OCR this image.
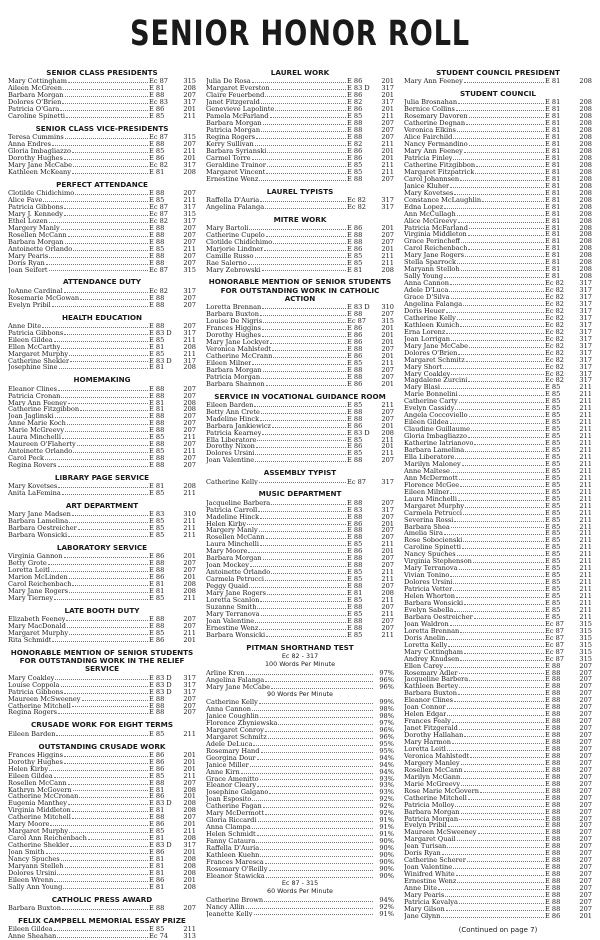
SENIOR HONOR ROLL
SENIOR CLASS PRESIDENTS
Mary Cottingham	Ec 87	315
Aileen McGreen	E 81	208
Barbara Morgan	E 88	207
Dolores O'Brien	Ec 83	317
Patricia O'Gara	E 86	201
Caroline Spinetti	E 85	211
SENIOR CLASS VICE-PRESIDENTS
Teresa Cummins	Ec 87	315
Anna Endres	E 88	207
Gloria Imbagliazzo	E 85	211
Dorothy Hughes	E 86	201
Mary Jane McCabe	Ec 82	317
Kathleen McKeany	E 81	208
PERFECT ATTENDANCE
Clotilde Chidichimo	E 88	207
Alice Fave	E 85	211
Patricia Gibbons	Ec 87	317
Mary J. Kennedy	Ec 87	315
Ethel Lozen	Ec 82	317
Margery Manly	E 88	207
Rosellen McCann	E 88	207
Barbara Morgan	E 88	207
Antoinette Orlando	E 85	211
Mary Pearis	E 88	207
Doris Ryan	E 88	207
Joan Seifert	Ec 87	315
ATTENDANCE DUTY
JoAnne Cardinal	Ec 82	317
Rosemarie McGowan	E 88	207
Evelyn Pribil	E 88	207
HEALTH EDUCATION
Anne Dite	E 88	207
Patricia Gibbons	E 83 D	317
Eileen Gildea	E 85	211
Ellen McCarthy	E 81	208
Margaret Murphy	E 85	211
Catherine Shekler	E 83 D	317
Josephine Sine	E 81	208
HOMEMAKING
Eleanor Clines	E 88	207
Patricia Cronan	E 88	207
Mary Ann Feeney	E 81	208
Catherine Fitzgibbon	E 81	208
Joan Jaglinski	E 88	207
Anne Marie Koch	E 88	207
Marie McGreevy	E 88	207
Laura Minchelli	E 85	211
Maureen O'Flaherty	E 88	207
Antoinette Orlando	E 85	211
Carol Peck	E 88	207
Regina Rovers	E 88	207
LIBRARY PAGE SERVICE
Mary Kovetses	E 81	208
Anita LaFemina	E 85	211
ART DEPARTMENT
Mary Jane Madsen	E 83	310
Barbara Lamelina	E 85	211
Barbara Oestreicher	E 85	211
Barbara Wonsicki	E 85	211
LABORATORY SERVICE
Virginia Gannon	E 86	201
Betty Grote	E 88	207
Loretta Leitl	E 88	207
Marion McLinden	E 86	201
Carol Reichenbach	E 81	208
Mary Jane Rogers	E 81	208
Mary Tierney	E 85	211
LATE BOOTH DUTY
Elizabeth Feeney	E 88	207
Mary MacDonald	E 88	207
Margaret Murphy	E 85	211
Rita Schmidt	E 86	201
HONORABLE MENTION OF SENIOR STUDENTS FOR OUTSTANDING WORK IN THE RELIEF SERVICE
Mary Coakley	E 83 D	317
Louise Coppola	E 83 D	317
Patricia Gibbons	E 83 D	317
Maureen McSweeney	E 88	207
Catherine Mitchell	E 88	207
Regina Rogers	E 88	207
CRUSADE WORK FOR EIGHT TERMS
Eileen Barden	E 85	211
OUTSTANDING CRUSADE WORK
Frances Higgins	E 86	201
Dorothy Hughes	E 86	201
Helen Kirby	E 86	201
Eileen Gildea	E 85	211
Rosellen McCann	E 88	207
Kathryn McGovern	E 81	208
Catherine McCronan	E 86	201
Eugenia Manthey	E 83 D	208
Virginia Middleton	E 81	208
Catherine Mitchell	E 88	207
Mary Moore	E 86	201
Margaret Murphy	E 85	211
Carol Ann Reichenbach	E 81	208
Catherine Shekler	E 83 D	317
Joan Smith	E 86	201
Nancy Spuches	E 81	208
Maryann Stelleh	E 81	208
Dolores Ursini	E 81	208
Eileen Wrenn	E 86	201
Sally Ann Young	E 81	208
CATHOLIC PRESS AWARD
Barbara Buxton	E 88	207
FELIX CAMPBELL MEMORIAL ESSAY PRIZE
Eileen Gildea	E 85	211
Anne Sheahan	Ec 74	313
LAUREL WORK
Julia De Rosa	E 86	201
Margaret Everston	E 83 D	317
Claire Feuerbend	E 86	201
Janet Fitzgerald	E 82	317
Genevieve Lapolinte	E 86	201
Pamela McFarland	E 85	211
Barbara Morgan	E 88	207
Patricia Morgan	E 88	207
Regina Rogers	E 88	207
Kerry Sullivan	E 82	211
Barbara Syrianski	E 86	201
Carmel Torre	E 86	201
Geraldine Trainor	E 85	211
Margaret Vincent	E 85	211
Ernestine Wenz	E 88	207
LAUREL TYPISTS
Raffella D'Auria	Ec 82	317
Angelina Falanga	Ec 82	317
MITRE WORK
Mary Bartoli	E 86	201
Catherine Cupelo	E 88	207
Clotilde Chidichimo	E 88	207
Marjorie Lindner	E 86	201
Camille Russo	E 85	211
Rae Salerno	E 85	211
Mary Zebrowski	E 81	208
HONORABLE MENTION OF SENIOR STUDENTS FOR OUTSTANDING WORK IN CATHOLIC ACTION
Loretta Brennan	E 83 D	310
Barbara Buxton	E 88	207
Louise De Nigris	Ec 87	315
Frances Higgins	E 86	201
Dorothy Hughes	E 86	201
Mary Jane Lockyer	E 86	201
Veronica Mahlstedt	E 88	207
Catherine McCrann	E 86	201
Eileen Milner	E 85	211
Barbara Morgan	E 88	207
Patricia Morgan	E 88	207
Barbara Shannon	E 86	201
SERVICE IN VOCATIONAL GUIDANCE ROOM
Eileen Barden	E 85	211
Betty Ann Crete	E 88	207
Madeline Hinck	E 88	207
Barbara Jankiewicz	E 86	201
Patricia Kearney	E 83 D	208
Ella Liberatore	E 85	211
Dorothy Nixon	E 86	201
Dolores Ursini	E 85	211
Joan Valentine	E 88	207
ASSEMBLY TYPIST
Catherine Kelly	Ec 87	317
MUSIC DEPARTMENT
Jacqueline Barbera	E 88	207
Patricia Carroll	E 83	317
Madeline Hinck	E 88	207
Helen Kirby	E 86	201
Margery Manly	E 88	207
Rosellen McCann	E 88	207
Laura Minchelli	E 85	211
Mary Moore	E 86	201
Barbara Morgan	E 88	207
Joan Mockey	E 88	207
Antoinette Orlando	E 85	211
Carmela Petrucci	E 85	211
Peggy Quaid	E 88	207
Mary Jane Rogers	E 81	208
Loretta Scanlon	E 85	211
Suzanne Smith	E 88	207
Mary Terranova	E 85	211
Joan Valentine	E 88	207
Ernestine Wenz	E 88	207
Barbara Wonsicki	E 85	211
PITMAN SHORTHAND TEST
Ec 82 - 317
100 Words Per Minute
Arline Kren	97%
Angelina Falanga	96%
Mary Jane McCabe	96%
90 Words Per Minute
Catherine Kelly	99%
Anna Cannon	98%
Janice Coughlin	98%
Florence Zbyniewska	97%
Margaret Conroy	96%
Margaret Schmitz	96%
Adele DeLuca	95%
Rosemary Hand	95%
Georgina Dour	94%
Janice Miller	94%
Anne Kirn	94%
Grace Amenitto	93%
Eleanor Cleary	93%
Josephine Galgano	93%
Joan Esposito	92%
Catherine Fagan	92%
Mary McDermott	92%
Gloria Riccardi	91%
Anna Clampa	91%
Helen Schmidt	91%
Fanny Cataura	90%
Raffella D'Auria	90%
Kathleen Kuehn	90%
Frances Maresca	90%
Rosemary O'Reilly	90%
Eleanor Stawicka	90%
Ec 87 - 315
60 Words Per Minute
Catherine Brown	94%
Nancy Allin	92%
Jeanette Kelly	91%
STUDENT COUNCIL PRESIDENT
Mary Ann Feeney	E 81	208
STUDENT COUNCIL
Julia Brosnahan	E 81	208
Bernice Collins	E 81	208
Rosemary Davoren	E 81	208
Catherine Degnan	E 81	208
Veronica Elkins	E 81	208
Alice Fairchild	E 81	208
Nancy Fermandino	E 81	208
Mary Ann Feeney	E 81	208
Patricia Finley	E 81	208
Catherine Fitzgibbon	E 81	208
Margaret Fitzpatrick	E 81	208
Carol Johannsen	E 81	208
Janice Kluher	E 81	208
Mary Kovetses	E 81	208
Constance McLaughlin	E 81	208
Edna Lopez	E 81	208
Ann McCullagh	E 81	208
Alice McGreevy	E 81	208
Patricia McFarland	E 81	208
Virginia Middleton	E 81	208
Grace Perincheff	E 81	208
Carol Reichenbach	E 81	208
Mary Jane Rogers	E 81	208
Stella Sparrock	E 81	208
Maryann Stelloh	E 81	208
Sally Young	E 81	208
Anna Cannon	Ec 82	317
Adele D'Luca	Ec 82	317
Grace D'Silva	Ec 82	317
Angelina Falanga	Ec 82	317
Doris Heuer	Ec 82	317
Catherine Kelly	Ec 82	317
Kathleen Kunich	Ec 82	317
Erna Lorenz	Ec 82	317
Joan Lorrigan	Ec 82	317
Mary Jane McCabe	Ec 82	317
Dolores O'Brien	Ec 82	317
Margaret Schmitz	Ec 82	317
Mary Short	Ec 82	317
Mary Coakley	Ec 82	317
Magdalene Zurcini	Ec 82	317
Mary Blasi	E 85	211
Marie Bonnelini	E 85	211
Catherine Carty	E 85	211
Evelyn Cassidy	E 85	211
Angela Coccoviello	E 85	211
Eileen Gildea	E 85	211
Claudine Guillaume	E 85	211
Gloria Imbagliazzo	E 85	211
Katherine Iatrianovo	E 85	211
Barbara Lamelina	E 85	211
Ella Liberatore	E 85	211
Marilyn Maloney	E 85	211
Anne Maltese	E 85	211
Ann McDermott	E 85	211
Florence McGee	E 85	211
Eileen Milner	E 85	211
Laura Minchelli	E 85	211
Margaret Murphy	E 85	211
Carmela Petrucci	E 85	211
Severina Rossi	E 85	211
Barbara Shea	E 85	211
Amelia Sira	E 85	211
Rose Sobocienski	E 85	211
Caroline Spinetti	E 85	211
Nancy Spuches	E 85	211
Virginia Stephenson	E 85	211
Mary Terranova	E 85	211
Vivian Tonino	E 85	211
Dolores Ursini	E 85	211
Patricia Vetter	E 85	211
Helen Whorton	E 85	211
Barbara Wonsicki	E 85	211
Evelyn Sabella	E 85	211
Barbara Oestreicher	E 85	211
Joan Waldron	Ec 87	315
Loretta Brennan	Ec 87	315
Doris Anelin	Ec 87	315
Loretta Kelly	Ec 87	315
Mary Cottingham	Ec 87	315
Andrey Knudsen	Ec 87	315
Ellen Carey	E 88	207
Rosemary Adler	E 88	207
Jacqueline Barbera	E 88	207
Kathleen Bertey	E 88	207
Barbara Buxton	E 88	207
Eleanor Clines	E 88	207
Joan Connor	E 88	207
Helen Edgar	E 88	207
Frances Fealy	E 88	207
Janet Fitzgerald	E 88	207
Dorothy Hallahan	E 88	207
Mary Harmon	E 88	207
Loretta Leitl	E 88	207
Veronica Mahlstedt	E 88	207
Margery Manley	E 88	207
Rosellen McCann	E 88	207
Marilyn McGann	E 88	207
Marie McGreevy	E 88	207
Rose Marie McGovern	E 88	207
Catherine Mitchell	E 88	207
Patricia Molloy	E 88	207
Barbara Morgan	E 88	207
Patricia Morgan	E 88	207
Evelyn Pribil	E 88	207
Maureen McSweeney	E 88	207
Margaret Quail	E 88	207
Jean Turisan	E 88	207
Doris Ryan	E 88	207
Catherine Scherer	E 88	207
Joan Valentine	E 88	207
Winifred White	E 88	207
Ernestine Wenz	E 88	207
Anne Dite	E 88	207
Mary Pearis	E 88	207
Patricia Kevalya	E 88	207
Mary Gilson	E 88	207
Jane Glynn	E 86	201
(Continued on page 7)
